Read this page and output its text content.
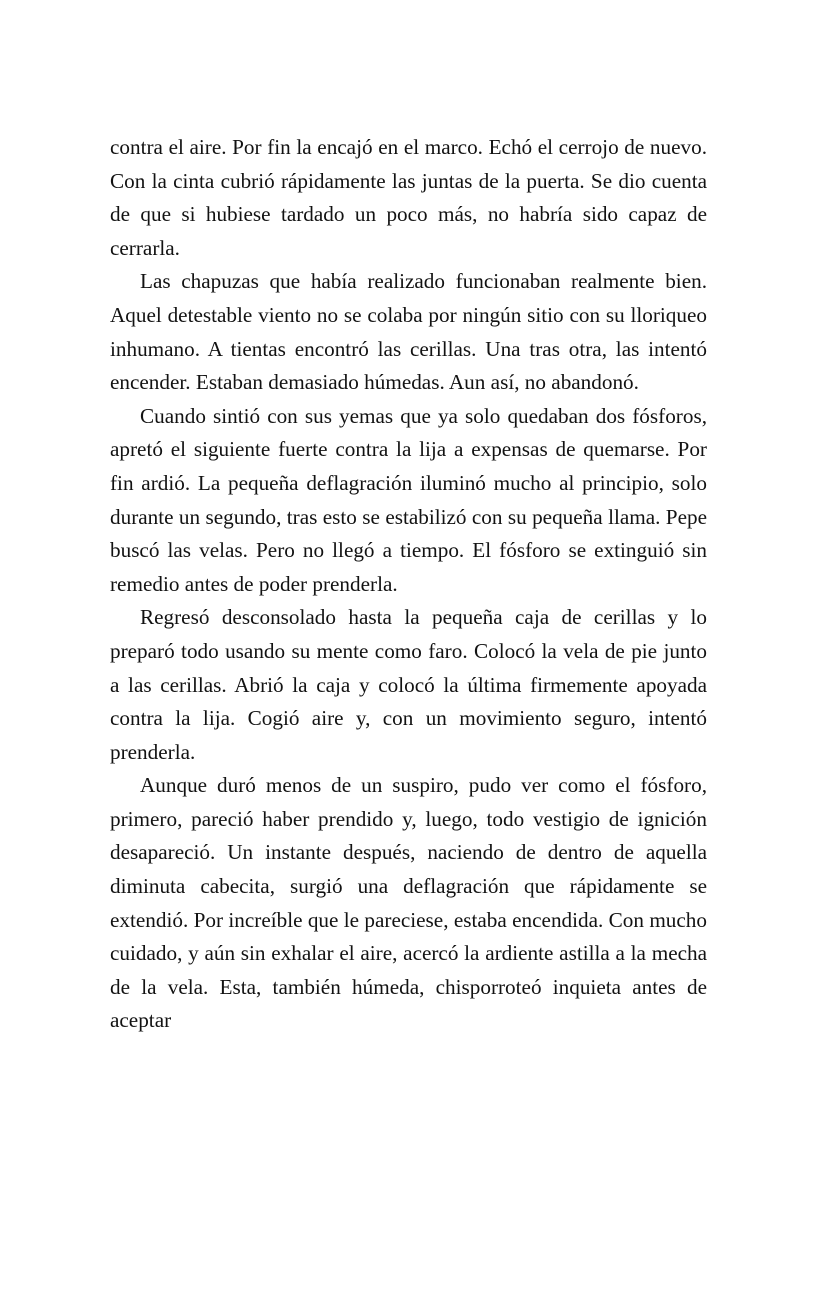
contra el aire. Por fin la encajó en el marco. Echó el cerrojo de nuevo. Con la cinta cubrió rápidamente las juntas de la puerta. Se dio cuenta de que si hubiese tardado un poco más, no habría sido capaz de cerrarla.

Las chapuzas que había realizado funcionaban realmente bien. Aquel detestable viento no se colaba por ningún sitio con su lloriqueo inhumano. A tientas encontró las cerillas. Una tras otra, las intentó encender. Estaban demasiado húmedas. Aun así, no abandonó.

Cuando sintió con sus yemas que ya solo quedaban dos fósforos, apretó el siguiente fuerte contra la lija a expensas de quemarse. Por fin ardió. La pequeña deflagración iluminó mucho al principio, solo durante un segundo, tras esto se estabilizó con su pequeña llama. Pepe buscó las velas. Pero no llegó a tiempo. El fósforo se extinguió sin remedio antes de poder prenderla.

Regresó desconsolado hasta la pequeña caja de cerillas y lo preparó todo usando su mente como faro. Colocó la vela de pie junto a las cerillas. Abrió la caja y colocó la última firmemente apoyada contra la lija. Cogió aire y, con un movimiento seguro, intentó prenderla.

Aunque duró menos de un suspiro, pudo ver como el fósforo, primero, pareció haber prendido y, luego, todo vestigio de ignición desapareció. Un instante después, naciendo de dentro de aquella diminuta cabecita, surgió una deflagración que rápidamente se extendió. Por increíble que le pareciese, estaba encendida. Con mucho cuidado, y aún sin exhalar el aire, acercó la ardiente astilla a la mecha de la vela. Esta, también húmeda, chisporroteó inquieta antes de aceptar
